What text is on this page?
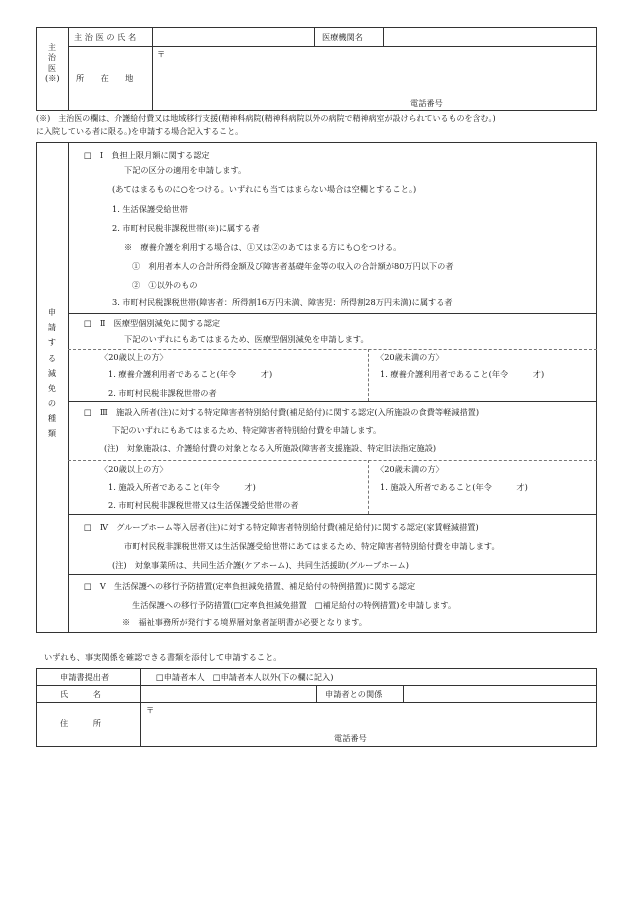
主治医(※)
主 治 医 の 氏 名	医療機関名
所　　在　　地
〒
電話番号
(※)　主治医の欄は、介護給付費又は地域移行支援(精神科病院(精神科病院以外の病院で精神病室が設けられているものを含む。)
に入院している者に限る。)を申請する場合記入すること。
申請する減免の種類
□　Ⅰ　負担上限月額に関する認定
下記の区分の適用を申請します。
(あてはまるものに○をつける。いずれにも当てはまらない場合は空欄とすること。)
1. 生活保護受給世帯
2. 市町村民税非課税世帯(※)に属する者
※　療養介護を利用する場合は、①又は②のあてはまる方にも○をつける。
①　利用者本人の合計所得金額及び障害者基礎年金等の収入の合計額が80万円以下の者
②　①以外のもの
3. 市町村民税課税世帯(障害者：所得割16万円未満、障害児：所得割28万円未満)に属する者
□　Ⅱ　医療型個別減免に関する認定
下記のいずれにもあてはまるため、医療型個別減免を申請します。
〈20歳以上の方〉
1. 療養介護利用者であること(年令　　　才)
2. 市町村民税非課税世帯の者
〈20歳未満の方〉
1. 療養介護利用者であること(年令　　　才)
□　Ⅲ　施設入所者(注)に対する特定障害者特別給付費(補足給付)に関する認定(入所施設の食費等軽減措置)
下記のいずれにもあてはまるため、特定障害者特別給付費を申請します。
(注)　対象施設は、介護給付費の対象となる入所施設(障害者支援施設、特定旧法指定施設)
〈20歳以上の方〉
1. 施設入所者であること(年令　　　才)
2. 市町村民税非課税世帯又は生活保護受給世帯の者
〈20歳未満の方〉
1. 施設入所者であること(年令　　　才)
□　Ⅳ　グループホーム等入居者(注)に対する特定障害者特別給付費(補足給付)に関する認定(家賃軽減措置)
市町村民税非課税世帯又は生活保護受給世帯にあてはまるため、特定障害者特別給付費を申請します。
(注)　対象事業所は、共同生活介護(ケアホーム)、共同生活援助(グループホーム)
□　Ⅴ　生活保護への移行予防措置(定率負担減免措置、補足給付の特例措置)に関する認定
生活保護への移行予防措置(□定率負担減免措置　□補足給付の特例措置)を申請します。
※　福祉事務所が発行する境界層対象者証明書が必要となります。
いずれも、事実関係を確認できる書類を添付して申請すること。
申請書提出者	□申請者本人　□申請者本人以外(下の欄に記入)
氏　　　名	申請者との関係
住　　　所
〒
電話番号
